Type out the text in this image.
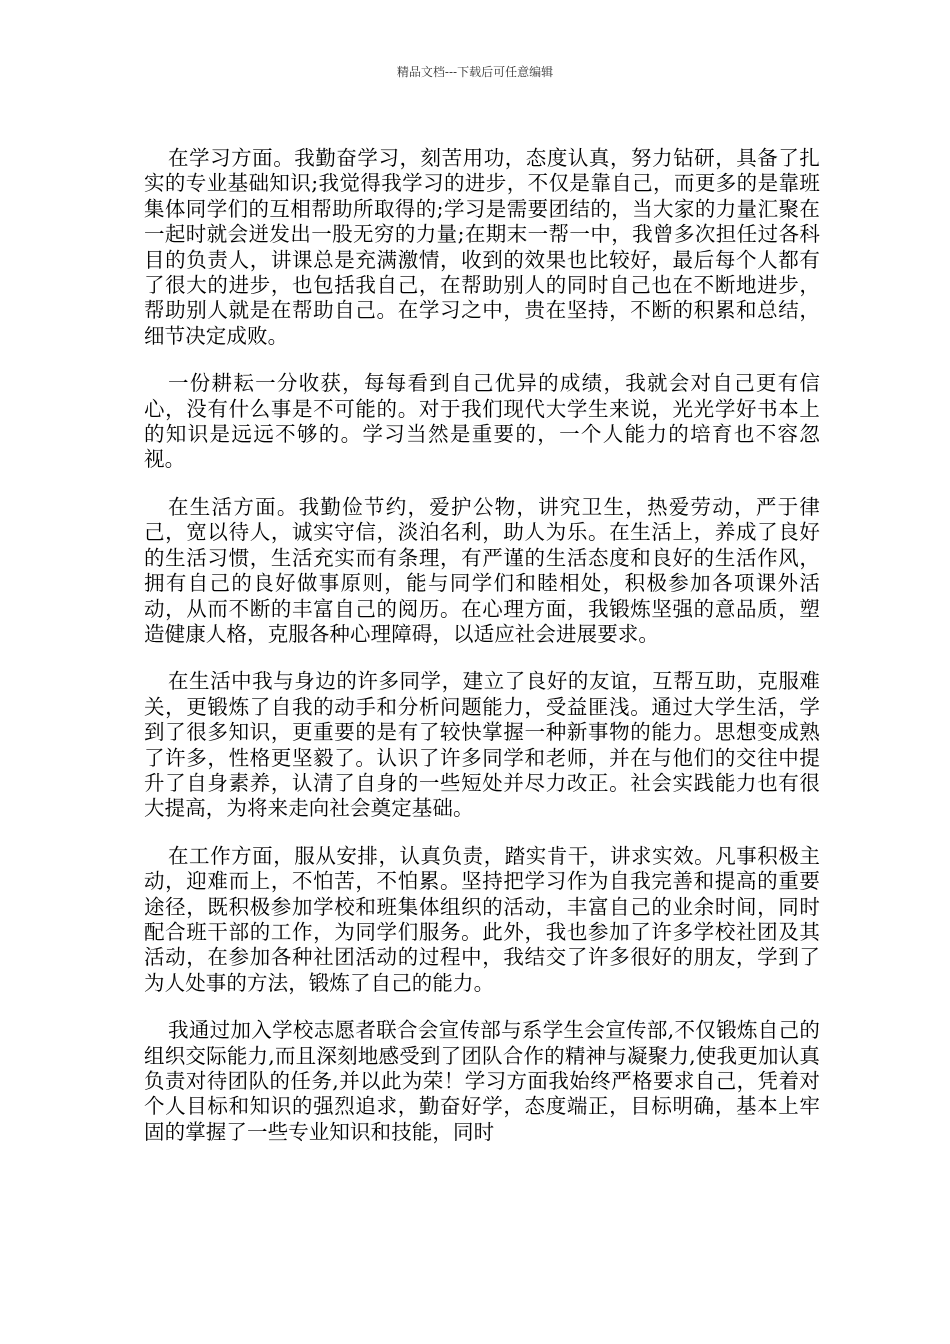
精品文档---下载后可任意编辑

在学习方面。我勤奋学习，刻苦用功，态度认真，努力钻研，具备了扎实的专业基础知识;我觉得我学习的进步，不仅是靠自己，而更多的是靠班集体同学们的互相帮助所取得的;学习是需要团结的，当大家的力量汇聚在一起时就会迸发出一股无穷的力量;在期末一帮一中，我曾多次担任过各科目的负责人，讲课总是充满激情，收到的效果也比较好，最后每个人都有了很大的进步，也包括我自己，在帮助别人的同时自己也在不断地进步，帮助别人就是在帮助自己。在学习之中，贵在坚持，不断的积累和总结，细节决定成败。

一份耕耘一分收获，每每看到自己优异的成绩，我就会对自己更有信心，没有什么事是不可能的。对于我们现代大学生来说，光光学好书本上的知识是远远不够的。学习当然是重要的，一个人能力的培育也不容忽视。

在生活方面。我勤俭节约，爱护公物，讲究卫生，热爱劳动，严于律己，宽以待人，诚实守信，淡泊名利，助人为乐。在生活上，养成了良好的生活习惯，生活充实而有条理，有严谨的生活态度和良好的生活作风，拥有自己的良好做事原则，能与同学们和睦相处，积极参加各项课外活动，从而不断的丰富自己的阅历。在心理方面，我锻炼坚强的意品质，塑造健康人格，克服各种心理障碍，以适应社会进展要求。

在生活中我与身边的许多同学，建立了良好的友谊，互帮互助，克服难关，更锻炼了自我的动手和分析问题能力，受益匪浅。通过大学生活，学到了很多知识，更重要的是有了较快掌握一种新事物的能力。思想变成熟了许多，性格更坚毅了。认识了许多同学和老师，并在与他们的交往中提升了自身素养，认清了自身的一些短处并尽力改正。社会实践能力也有很大提高，为将来走向社会奠定基础。

在工作方面，服从安排，认真负责，踏实肯干，讲求实效。凡事积极主动，迎难而上，不怕苦，不怕累。坚持把学习作为自我完善和提高的重要途径，既积极参加学校和班集体组织的活动，丰富自己的业余时间，同时配合班干部的工作，为同学们服务。此外，我也参加了许多学校社团及其活动，在参加各种社团活动的过程中，我结交了许多很好的朋友，学到了为人处事的方法，锻炼了自己的能力。

我通过加入学校志愿者联合会宣传部与系学生会宣传部,不仅锻炼自己的组织交际能力,而且深刻地感受到了团队合作的精神与凝聚力,使我更加认真负责对待团队的任务,并以此为荣！学习方面我始终严格要求自己，凭着对个人目标和知识的强烈追求，勤奋好学，态度端正，目标明确，基本上牢固的掌握了一些专业知识和技能，同时
